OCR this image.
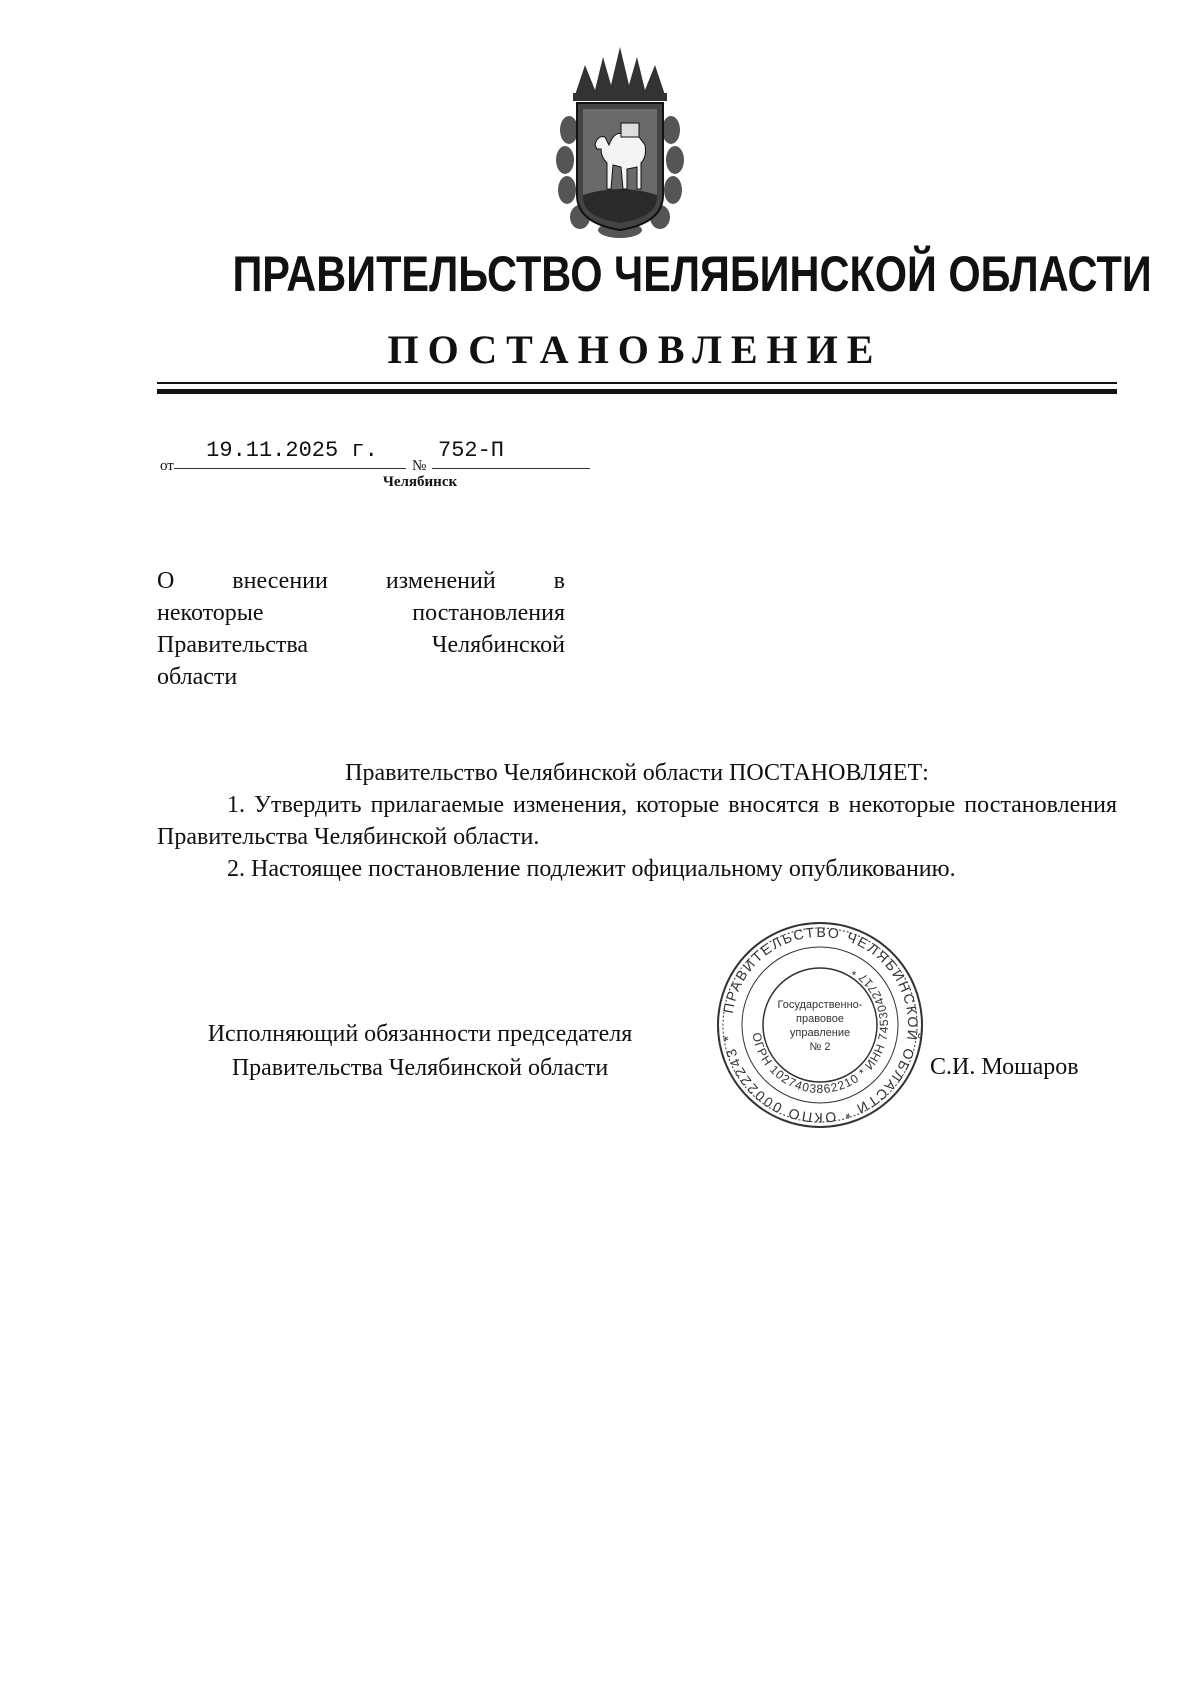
ПРАВИТЕЛЬСТВО ЧЕЛЯБИНСКОЙ ОБЛАСТИ
ПОСТАНОВЛЕНИЕ
от
19.11.2025 г.
№
752-П
Челябинск
О внесении изменений в
некоторые постановления
Правительства Челябинской
области

Правительство Челябинской области ПОСТАНОВЛЯЕТ:

1. Утвердить прилагаемые изменения, которые вносятся в некоторые постановления Правительства Челябинской области.

2. Настоящее постановление подлежит официальному опубликованию.

Исполняющий обязанности председателя
Правительства Челябинской области
ПРАВИТЕЛЬСТВО ЧЕЛЯБИНСКОЙ ОБЛАСТИ * ОКПО 00022243 *	ОГРН 1027403862210 * ИНН 7453042717 *
Государственно-
правовое
управление
№ 2
С.И. Мошаров
